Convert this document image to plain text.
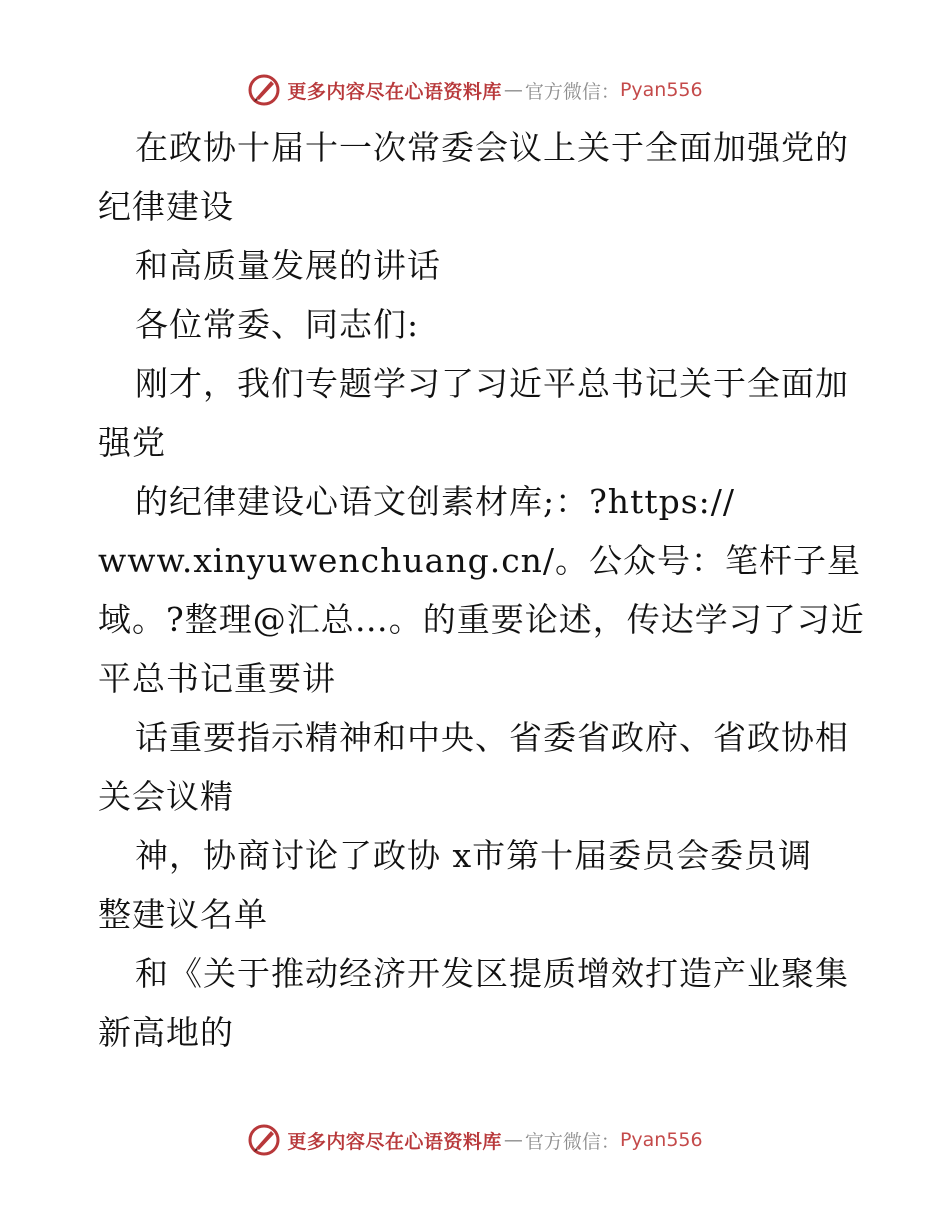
更多内容尽在心语资料库 — 官方微信： Pyan556
在政协十届十一次常委会议上关于全面加强党的
纪律建设
和高质量发展的讲话
各位常委、同志们:
刚才，我们专题学习了习近平总书记关于全面加
强党
的纪律建设心语文创素材库;：?https://
www.xinyuwenchuang.cn/。公众号：笔杆子星
域。?整理@汇总…。的重要论述，传达学习了习近
平总书记重要讲
话重要指示精神和中央、省委省政府、省政协相
关会议精
神，协商讨论了政协 x市第十届委员会委员调
整建议名单
和《关于推动经济开发区提质增效打造产业聚集
新高地的
更多内容尽在心语资料库 — 官方微信： Pyan556
